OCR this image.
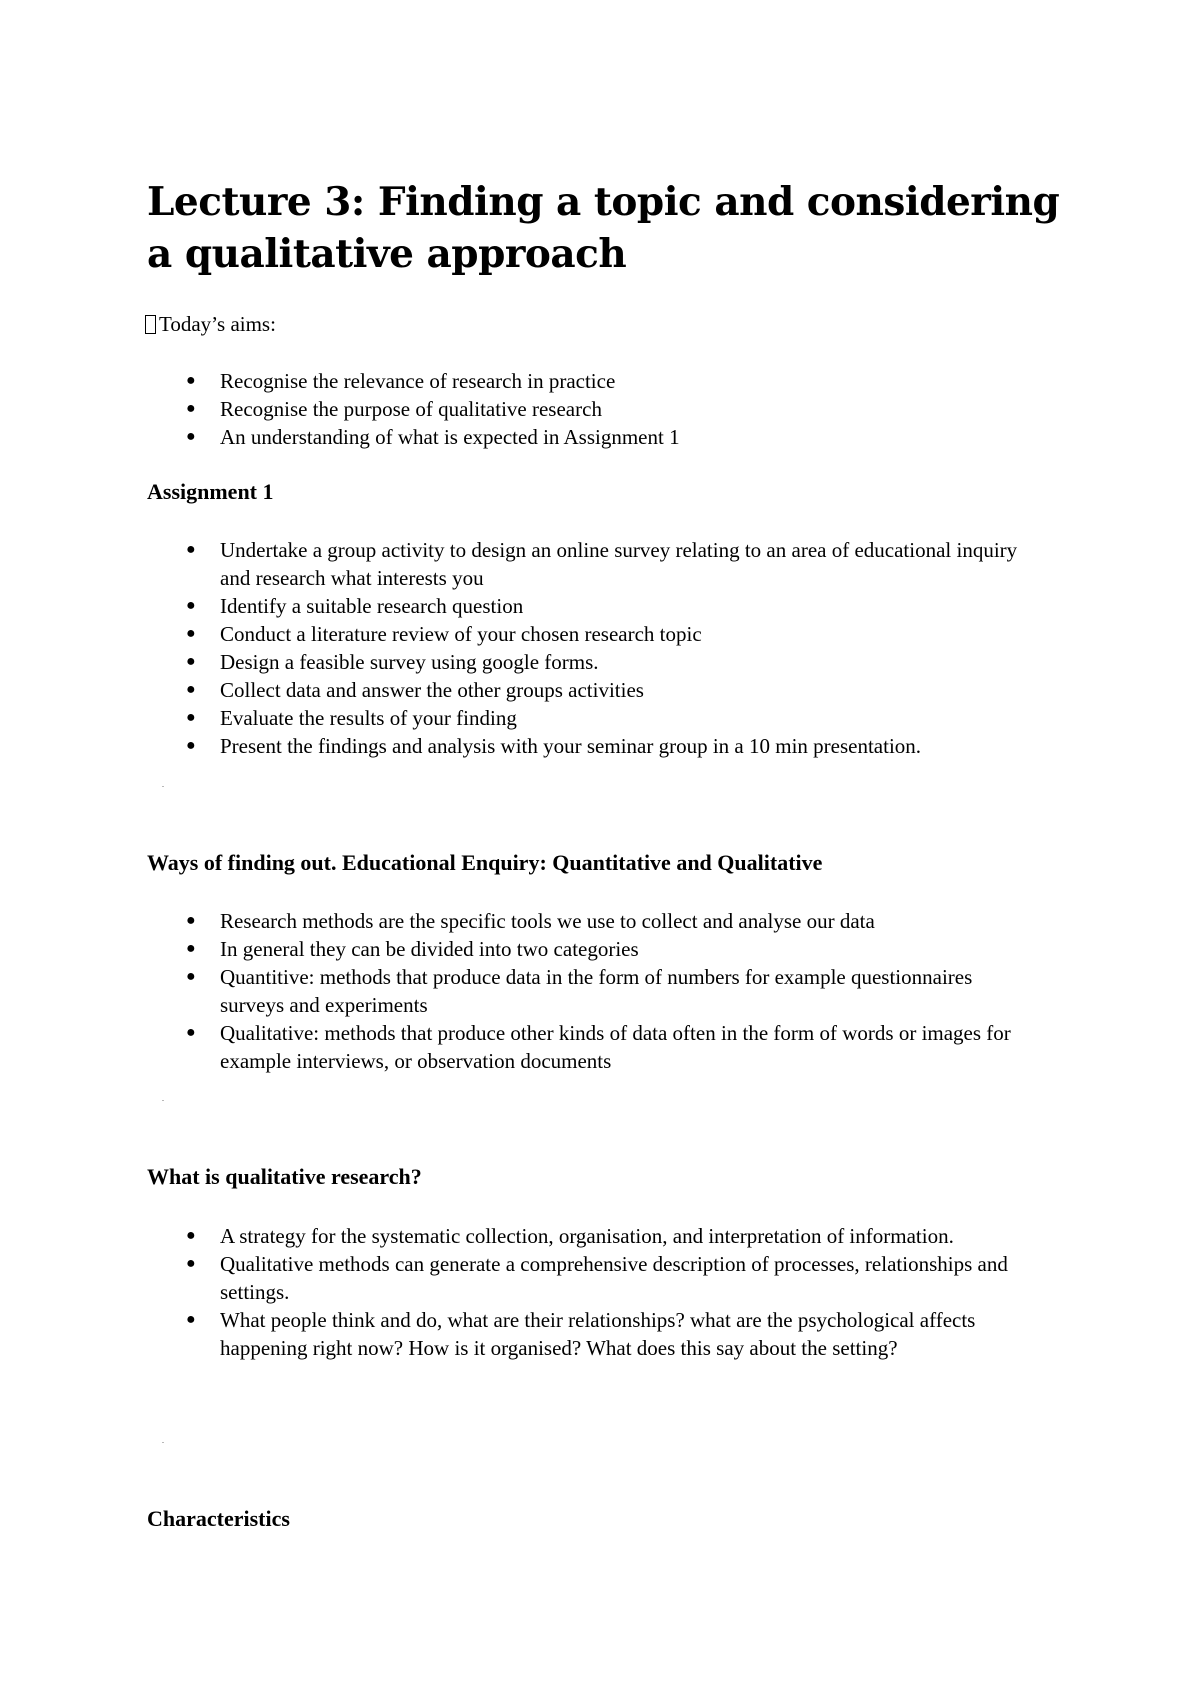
Lecture 3: Finding a topic and considering a qualitative approach
Today’s aims:
● Recognise the relevance of research in practice
● Recognise the purpose of qualitative research
● An understanding of what is expected in Assignment 1
Assignment 1
● Undertake a group activity to design an online survey relating to an area of educational inquiry and research what interests you
● Identify a suitable research question
● Conduct a literature review of your chosen research topic
● Design a feasible survey using google forms.
● Collect data and answer the other groups activities
● Evaluate the results of your finding
● Present the findings and analysis with your seminar group in a 10 min presentation.
Ways of finding out. Educational Enquiry: Quantitative and Qualitative
● Research methods are the specific tools we use to collect and analyse our data
● In general they can be divided into two categories
● Quantitive: methods that produce data in the form of numbers for example questionnaires surveys and experiments
● Qualitative: methods that produce other kinds of data often in the form of words or images for example interviews, or observation documents
What is qualitative research?
● A strategy for the systematic collection, organisation, and interpretation of information.
● Qualitative methods can generate a comprehensive description of processes, relationships and settings.
● What people think and do, what are their relationships? what are the psychological affects happening right now? How is it organised? What does this say about the setting?
Characteristics
